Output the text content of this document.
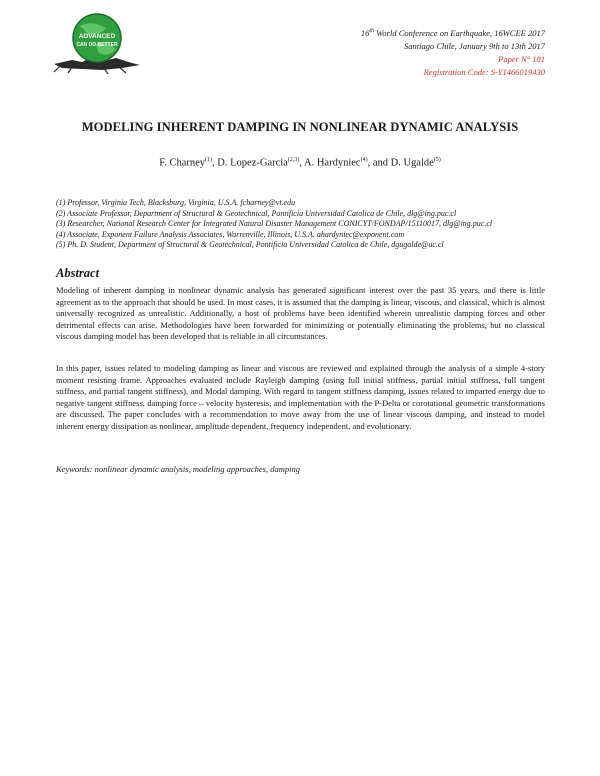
ADVANCED
CAN DO BETTER
16th World Conference on Earthquake, 16WCEE 2017
Santiago Chile, January 9th to 13th 2017
Paper N° 181
Registration Code: S-Y1466019430
MODELING INHERENT DAMPING IN NONLINEAR DYNAMIC ANALYSIS
F. Charney$^{(1)}$, D. Lopez-Garcia$^{(2,3)}$, A. Hardyniec$^{(4)}$, and D. Ugalde$^{(5)}$
(1) Professor, Virginia Tech, Blacksburg, Virginia, U.S.A. fcharney@vt.edu
(2) Associate Professor, Department of Structural & Geotechnical, Pontificia Universidad Catolica de Chile, dlg@ing.puc.cl
(3) Researcher, National Research Center for Integrated Natural Disaster Management CONICYT/FONDAP/15110017, dlg@ing.puc.cl
(4) Associate, Exponent Failure Analysis Associates, Warrenville, Illinois, U.S.A. ahardyniec@exponent.com
(5) Ph. D. Student, Department of Structural & Geotechnical, Pontificia Universidad Catolica de Chile, dgugalde@uc.cl
Abstract
Modeling of inherent damping in nonlinear dynamic analysis has generated significant interest over the past 35 years, and there is little agreement as to the approach that should be used. In most cases, it is assumed that the damping is linear, viscous, and classical, which is almost universally recognized as unrealistic. Additionally, a host of problems have been identified wherein unrealistic damping forces and other detrimental effects can arise. Methodologies have been forwarded for minimizing or potentially eliminating the problems, but no classical viscous damping model has been developed that is reliable in all circumstances.
In this paper, issues related to modeling damping as linear and viscous are reviewed and explained through the analysis of a simple 4-story moment resisting frame. Approaches evaluated include Rayleigh damping (using full initial stiffness, partial initial stiffness, full tangent stiffness, and partial tangent stiffness), and Modal damping. With regard to tangent stiffness damping, issues related to imparted energy due to negative tangent stiffness, damping force – velocity hysteresis, and implementation with the P-Delta or corotational geometric transformations are discussed. The paper concludes with a recommendation to move away from the use of linear viscous damping, and instead to model inherent energy dissipation as nonlinear, amplitude dependent, frequency independent, and evolutionary.
Keywords: nonlinear dynamic analysis, modeling approaches, damping
